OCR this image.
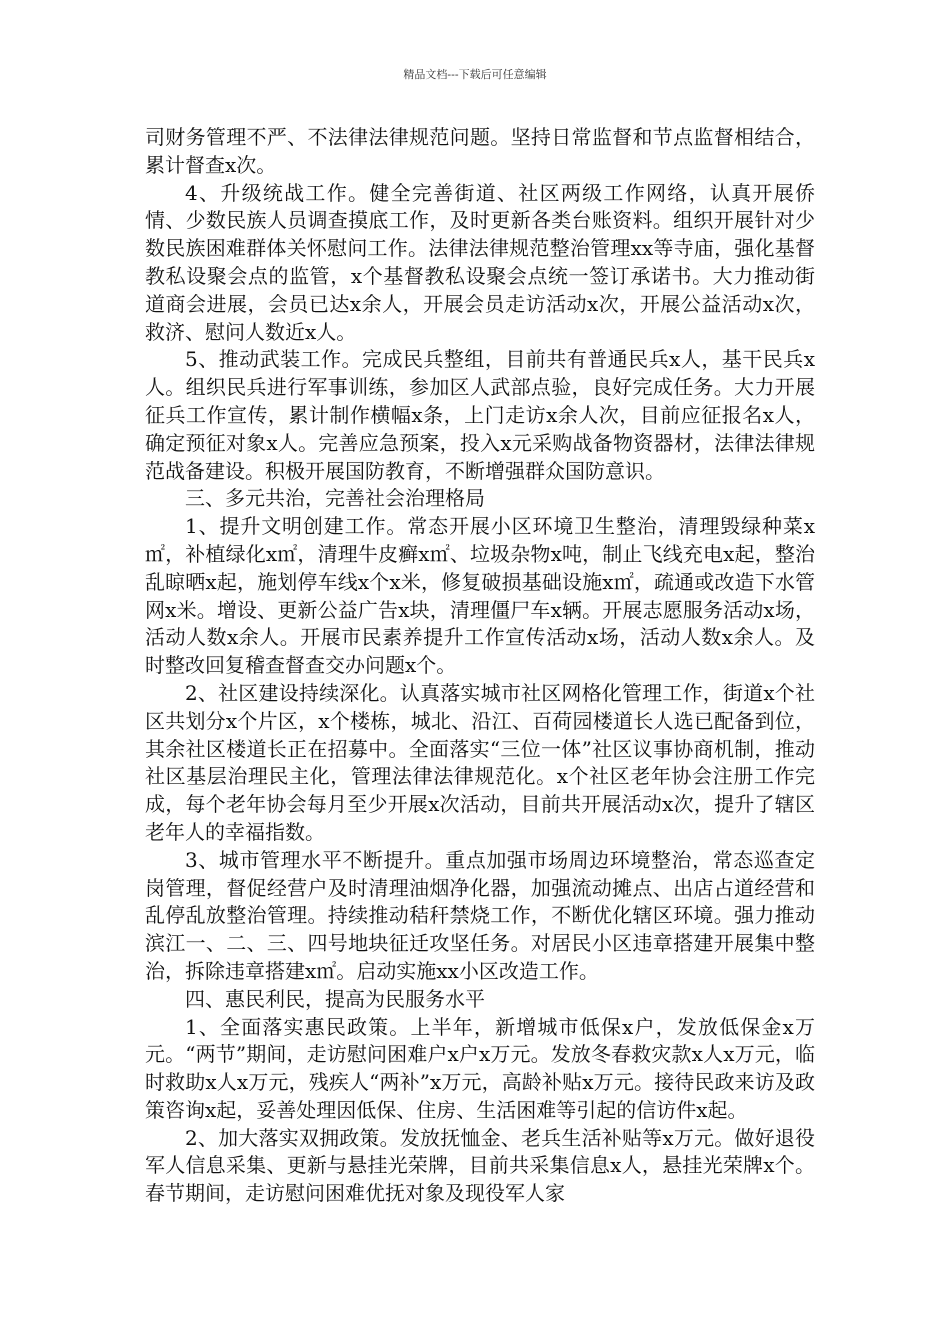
精品文档---下载后可任意编辑

司财务管理不严、不法律法律规范问题。坚持日常监督和节点监督相结合，累计督查x次。

4、升级统战工作。健全完善街道、社区两级工作网络，认真开展侨情、少数民族人员调查摸底工作，及时更新各类台账资料。组织开展针对少数民族困难群体关怀慰问工作。法律法律规范整治管理xx等寺庙，强化基督教私设聚会点的监管，x个基督教私设聚会点统一签订承诺书。大力推动街道商会进展，会员已达x余人，开展会员走访活动x次，开展公益活动x次，救济、慰问人数近x人。

5、推动武装工作。完成民兵整组，目前共有普通民兵x人，基干民兵x人。组织民兵进行军事训练，参加区人武部点验，良好完成任务。大力开展征兵工作宣传，累计制作横幅x条，上门走访x余人次，目前应征报名x人，确定预征对象x人。完善应急预案，投入x元采购战备物资器材，法律法律规范战备建设。积极开展国防教育，不断增强群众国防意识。

三、多元共治，完善社会治理格局

1、提升文明创建工作。常态开展小区环境卫生整治，清理毁绿种菜x㎡，补植绿化x㎡，清理牛皮癣x㎡、垃圾杂物x吨，制止飞线充电x起，整治乱晾晒x起，施划停车线x个x米，修复破损基础设施x㎡，疏通或改造下水管网x米。增设、更新公益广告x块，清理僵尸车x辆。开展志愿服务活动x场，活动人数x余人。开展市民素养提升工作宣传活动x场，活动人数x余人。及时整改回复稽查督查交办问题x个。

2、社区建设持续深化。认真落实城市社区网格化管理工作，街道x个社区共划分x个片区，x个楼栋，城北、沿江、百荷园楼道长人选已配备到位，其余社区楼道长正在招募中。全面落实“三位一体”社区议事协商机制，推动社区基层治理民主化，管理法律法律规范化。x个社区老年协会注册工作完成，每个老年协会每月至少开展x次活动，目前共开展活动x次，提升了辖区老年人的幸福指数。

3、城市管理水平不断提升。重点加强市场周边环境整治，常态巡查定岗管理，督促经营户及时清理油烟净化器，加强流动摊点、出店占道经营和乱停乱放整治管理。持续推动秸秆禁烧工作，不断优化辖区环境。强力推动滨江一、二、三、四号地块征迁攻坚任务。对居民小区违章搭建开展集中整治，拆除违章搭建x㎡。启动实施xx小区改造工作。

四、惠民利民，提高为民服务水平

1、全面落实惠民政策。上半年，新增城市低保x户，发放低保金x万元。“两节”期间，走访慰问困难户x户x万元。发放冬春救灾款x人x万元，临时救助x人x万元，残疾人“两补”x万元，高龄补贴x万元。接待民政来访及政策咨询x起，妥善处理因低保、住房、生活困难等引起的信访件x起。

2、加大落实双拥政策。发放抚恤金、老兵生活补贴等x万元。做好退役军人信息采集、更新与悬挂光荣牌，目前共采集信息x人，悬挂光荣牌x个。春节期间，走访慰问困难优抚对象及现役军人家
